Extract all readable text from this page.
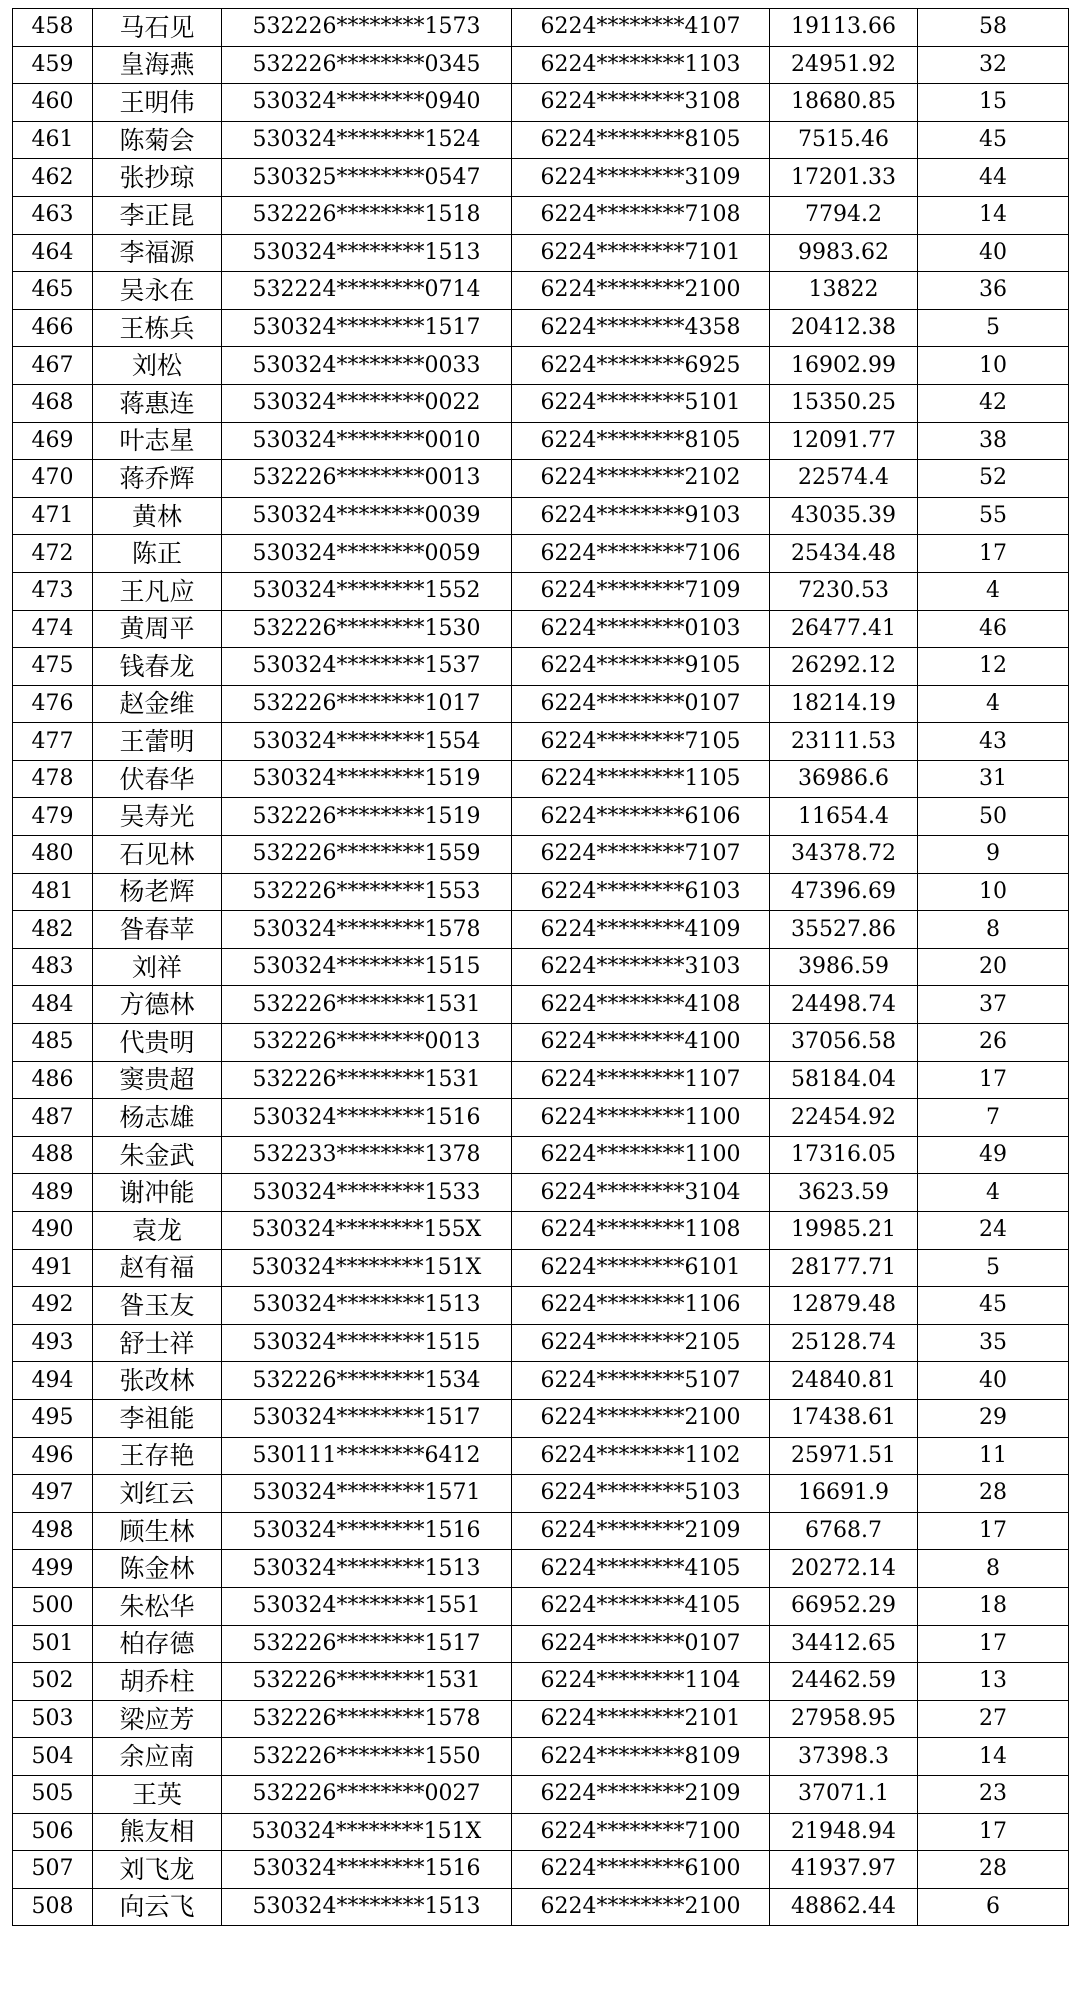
458	马石见	532226********1573	6224********4107	19113.66	58
459	皇海燕	532226********0345	6224********1103	24951.92	32
460	王明伟	530324********0940	6224********3108	18680.85	15
461	陈菊会	530324********1524	6224********8105	7515.46	45
462	张抄琼	530325********0547	6224********3109	17201.33	44
463	李正昆	532226********1518	6224********7108	7794.2	14
464	李福源	530324********1513	6224********7101	9983.62	40
465	吴永在	532224********0714	6224********2100	13822	36
466	王栋兵	530324********1517	6224********4358	20412.38	5
467	刘松	530324********0033	6224********6925	16902.99	10
468	蒋惠连	530324********0022	6224********5101	15350.25	42
469	叶志星	530324********0010	6224********8105	12091.77	38
470	蒋乔辉	532226********0013	6224********2102	22574.4	52
471	黄林	530324********0039	6224********9103	43035.39	55
472	陈正	530324********0059	6224********7106	25434.48	17
473	王凡应	530324********1552	6224********7109	7230.53	4
474	黄周平	532226********1530	6224********0103	26477.41	46
475	钱春龙	530324********1537	6224********9105	26292.12	12
476	赵金维	532226********1017	6224********0107	18214.19	4
477	王蕾明	530324********1554	6224********7105	23111.53	43
478	伏春华	530324********1519	6224********1105	36986.6	31
479	吴寿光	532226********1519	6224********6106	11654.4	50
480	石见林	532226********1559	6224********7107	34378.72	9
481	杨老辉	532226********1553	6224********6103	47396.69	10
482	昝春苹	530324********1578	6224********4109	35527.86	8
483	刘祥	530324********1515	6224********3103	3986.59	20
484	方德林	532226********1531	6224********4108	24498.74	37
485	代贵明	532226********0013	6224********4100	37056.58	26
486	窦贵超	532226********1531	6224********1107	58184.04	17
487	杨志雄	530324********1516	6224********1100	22454.92	7
488	朱金武	532233********1378	6224********1100	17316.05	49
489	谢冲能	530324********1533	6224********3104	3623.59	4
490	袁龙	530324********155X	6224********1108	19985.21	24
491	赵有福	530324********151X	6224********6101	28177.71	5
492	昝玉友	530324********1513	6224********1106	12879.48	45
493	舒士祥	530324********1515	6224********2105	25128.74	35
494	张改林	532226********1534	6224********5107	24840.81	40
495	李祖能	530324********1517	6224********2100	17438.61	29
496	王存艳	530111********6412	6224********1102	25971.51	11
497	刘红云	530324********1571	6224********5103	16691.9	28
498	顾生林	530324********1516	6224********2109	6768.7	17
499	陈金林	530324********1513	6224********4105	20272.14	8
500	朱松华	530324********1551	6224********4105	66952.29	18
501	柏存德	532226********1517	6224********0107	34412.65	17
502	胡乔柱	532226********1531	6224********1104	24462.59	13
503	梁应芳	532226********1578	6224********2101	27958.95	27
504	余应南	532226********1550	6224********8109	37398.3	14
505	王英	532226********0027	6224********2109	37071.1	23
506	熊友相	530324********151X	6224********7100	21948.94	17
507	刘飞龙	530324********1516	6224********6100	41937.97	28
508	向云飞	530324********1513	6224********2100	48862.44	6
